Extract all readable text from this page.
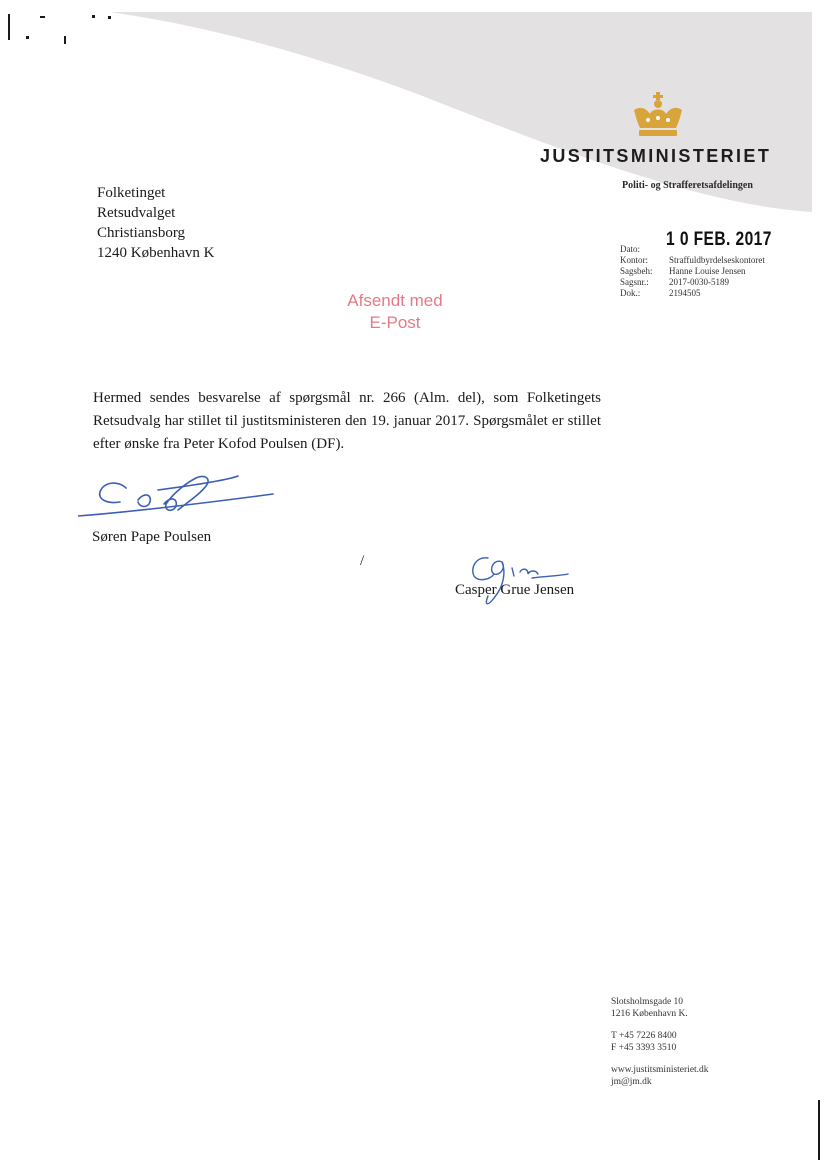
JUSTITSMINISTERIET
Politi- og Strafferetsafdelingen
Folketinget
Retsudvalget
Christiansborg
1240 København K	Dato: 1 0 FEB. 2017
Kontor: Straffuldbyrdelseskontoret
Sagsbeh: Hanne Louise Jensen
Sagsnr.: 2017-0030-5189
Dok.:	2194505
Afsendt med
E-Post
Hermed sendes besvarelse af spørgsmål nr. 266 (Alm. del), som Folketingets Retsudvalg har stillet til justitsministeren den 19. januar 2017. Spørgsmålet er stillet efter ønske fra Peter Kofod Poulsen (DF).
Søren Pape Poulsen
/
Casper Grue Jensen
Slotsholmsgade 10
1216 København K.
T +45 7226 8400
F +45 3393 3510
www.justitsministeriet.dk
jm@jm.dk
